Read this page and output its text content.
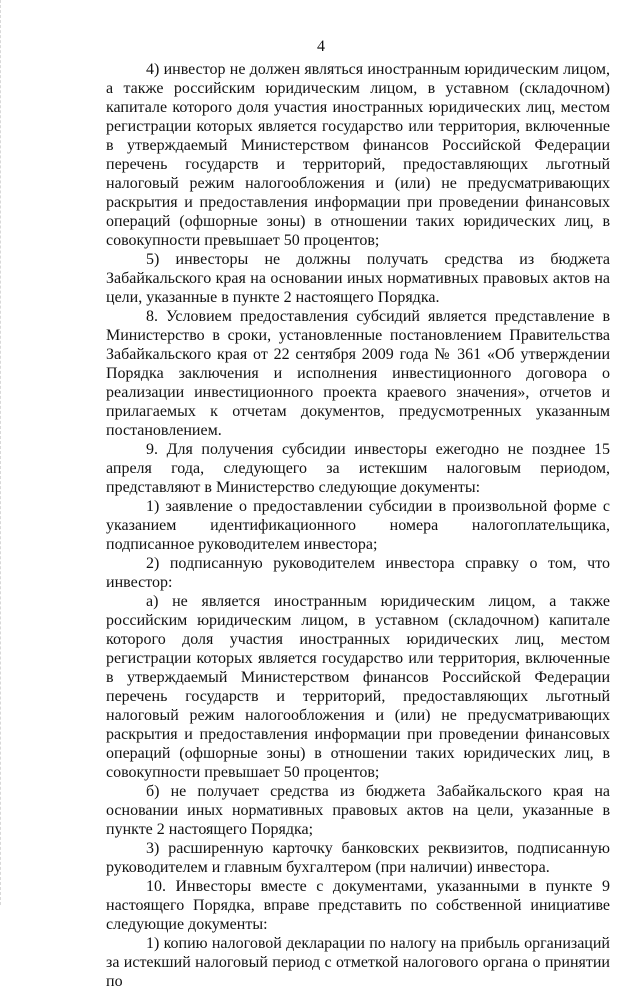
4

4) инвестор не должен являться иностранным юридическим лицом, а также российским юридическим лицом, в уставном (складочном) капитале которого доля участия иностранных юридических лиц, местом регистрации которых является государство или территория, включенные в утверждаемый Министерством финансов Российской Федерации перечень государств и территорий, предоставляющих льготный налоговый режим налогообложения и (или) не предусматривающих раскрытия и предоставления информации при проведении финансовых операций (офшорные зоны) в отношении таких юридических лиц, в совокупности превышает 50 процентов;

5) инвесторы не должны получать средства из бюджета Забайкальского края на основании иных нормативных правовых актов на цели, указанные в пункте 2 настоящего Порядка.

8. Условием предоставления субсидий является представление в Министерство в сроки, установленные постановлением Правительства Забайкальского края от 22 сентября 2009 года № 361 «Об утверждении Порядка заключения и исполнения инвестиционного договора о реализации инвестиционного проекта краевого значения», отчетов и прилагаемых к отчетам документов, предусмотренных указанным постановлением.

9. Для получения субсидии инвесторы ежегодно не позднее 15 апреля года, следующего за истекшим налоговым периодом, представляют в Министерство следующие документы:

1) заявление о предоставлении субсидии в произвольной форме с указанием идентификационного номера налогоплательщика, подписанное руководителем инвестора;

2) подписанную руководителем инвестора справку о том, что инвестор:

а) не является иностранным юридическим лицом, а также российским юридическим лицом, в уставном (складочном) капитале которого доля участия иностранных юридических лиц, местом регистрации которых является государство или территория, включенные в утверждаемый Министерством финансов Российской Федерации перечень государств и территорий, предоставляющих льготный налоговый режим налогообложения и (или) не предусматривающих раскрытия и предоставления информации при проведении финансовых операций (офшорные зоны) в отношении таких юридических лиц, в совокупности превышает 50 процентов;

б) не получает средства из бюджета Забайкальского края на основании иных нормативных правовых актов на цели, указанные в пункте 2 настоящего Порядка;

3) расширенную карточку банковских реквизитов, подписанную руководителем и главным бухгалтером (при наличии) инвестора.

10. Инвесторы вместе с документами, указанными в пункте 9 настоящего Порядка, вправе представить по собственной инициативе следующие документы:

1) копию налоговой декларации по налогу на прибыль организаций за истекший налоговый период с отметкой налогового органа о принятии по
